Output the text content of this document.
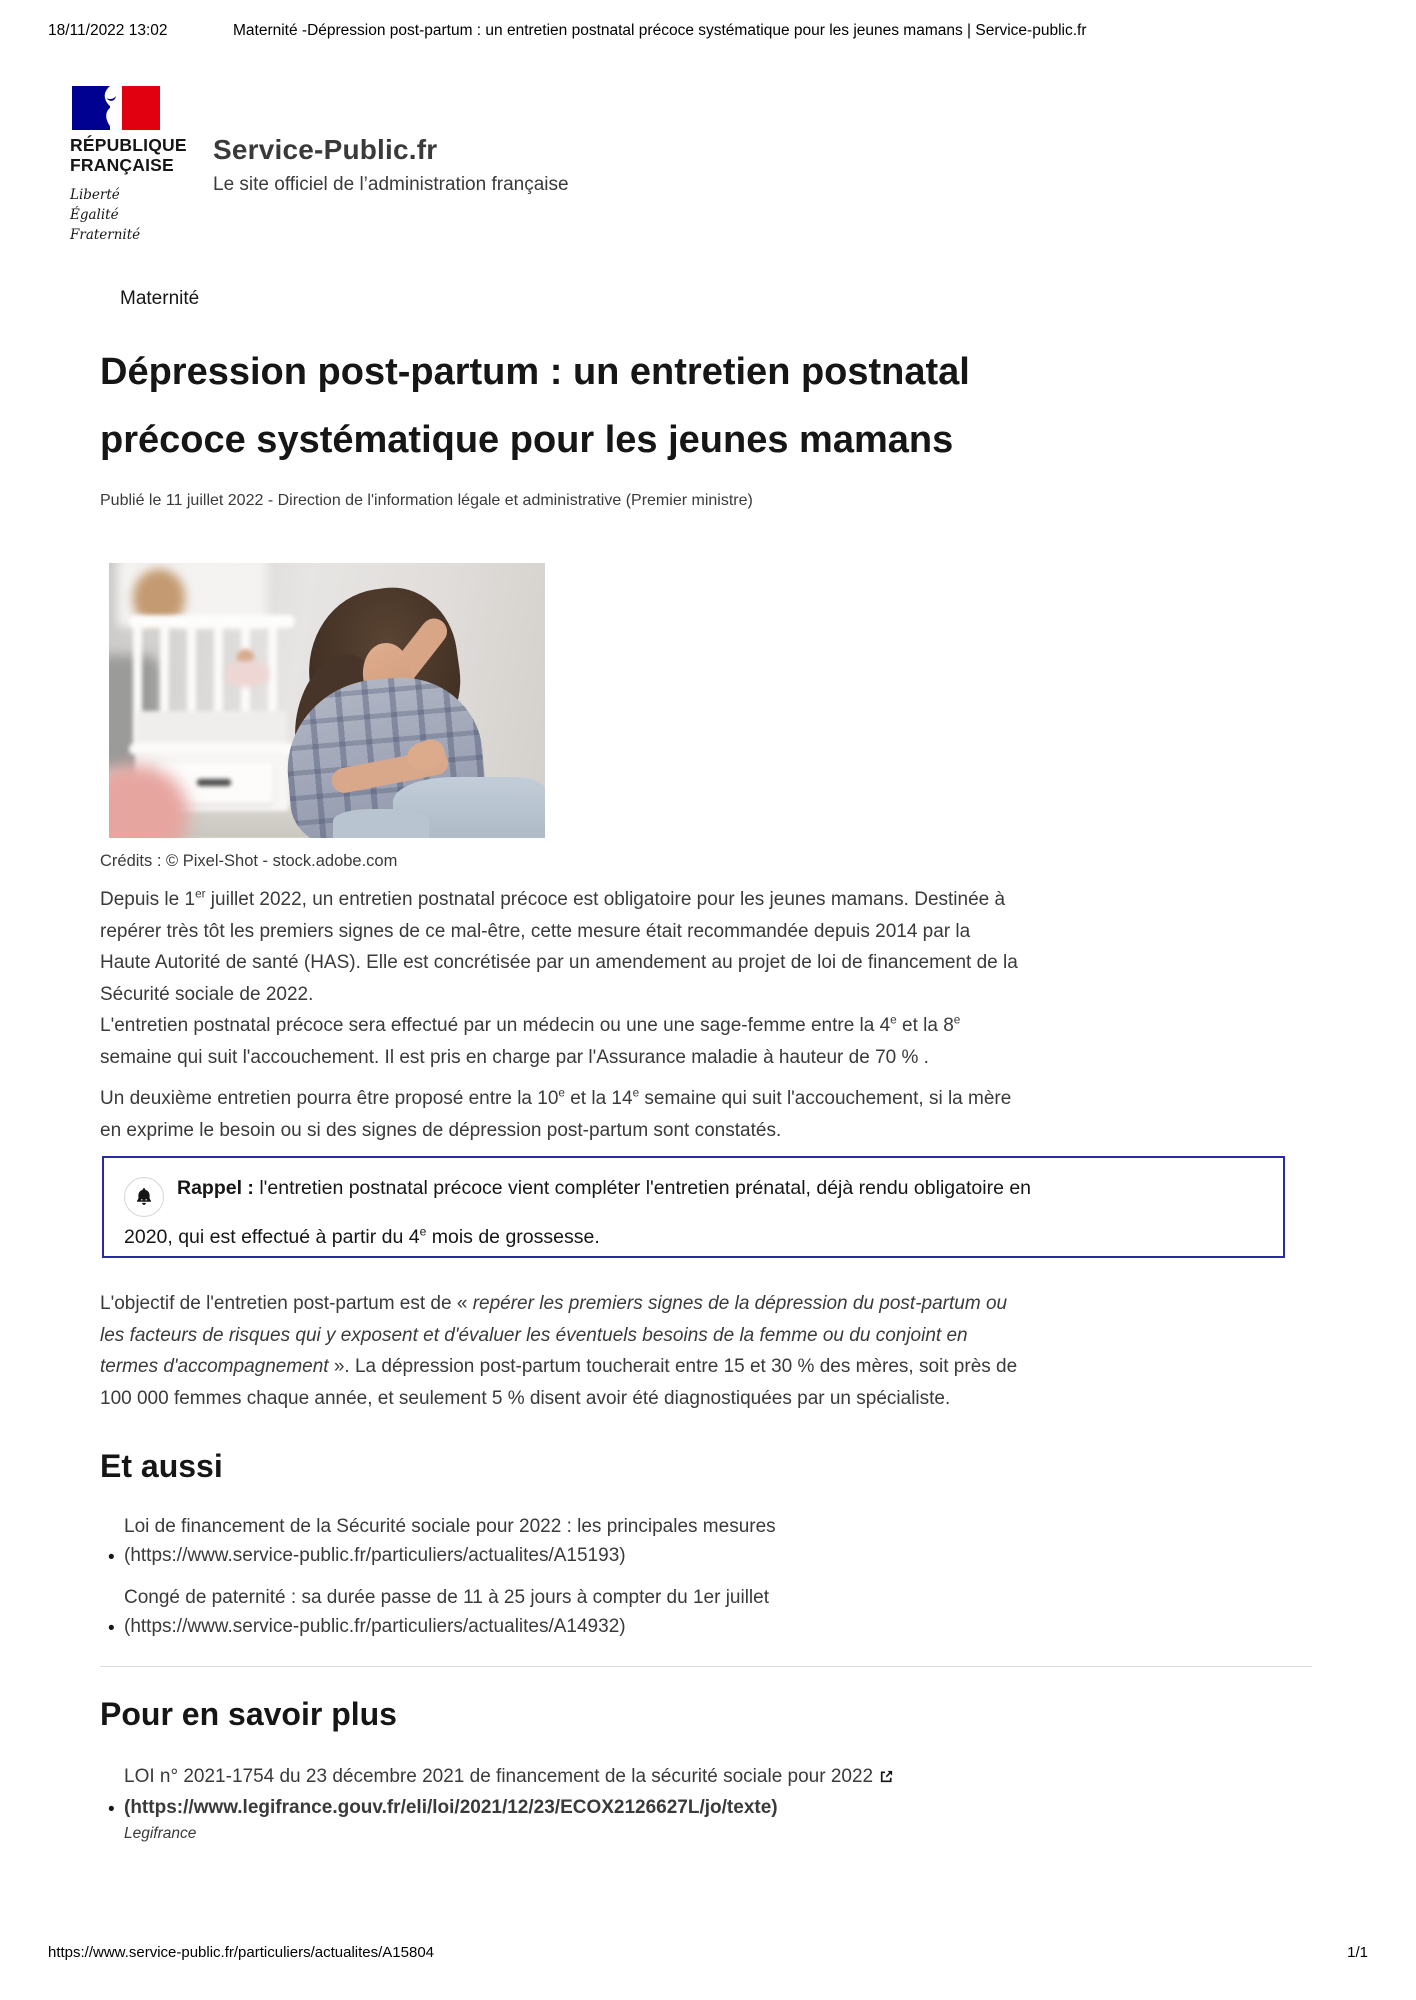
18/11/2022 13:02	Maternité -Dépression post-partum : un entretien postnatal précoce systématique pour les jeunes mamans | Service-public.fr
RÉPUBLIQUE
FRANÇAISE
Liberté
Égalité
Fraternité
Service-Public.fr
Le site officiel de l’administration française
Maternité
Dépression post-partum : un entretien postnatal précoce systématique pour les jeunes mamans
Publié le 11 juillet 2022 - Direction de l'information légale et administrative (Premier ministre)
Crédits : © Pixel-Shot - stock.adobe.com

Depuis le 1er juillet 2022, un entretien postnatal précoce est obligatoire pour les jeunes mamans. Destinée à repérer très tôt les premiers signes de ce mal-être, cette mesure était recommandée depuis 2014 par la Haute Autorité de santé (HAS). Elle est concrétisée par un amendement au projet de loi de financement de la Sécurité sociale de 2022.

L'entretien postnatal précoce sera effectué par un médecin ou une une sage-femme entre la 4e et la 8e semaine qui suit l'accouchement. Il est pris en charge par l'Assurance maladie à hauteur de 70 % .

Un deuxième entretien pourra être proposé entre la 10e et la 14e semaine qui suit l'accouchement, si la mère en exprime le besoin ou si des signes de dépression post-partum sont constatés.

Rappel : l'entretien postnatal précoce vient compléter l'entretien prénatal, déjà rendu obligatoire en 2020, qui est effectué à partir du 4e mois de grossesse.

L'objectif de l'entretien post-partum est de « repérer les premiers signes de la dépression du post-partum ou les facteurs de risques qui y exposent et d'évaluer les éventuels besoins de la femme ou du conjoint en termes d'accompagnement ». La dépression post-partum toucherait entre 15 et 30 % des mères, soit près de 100 000 femmes chaque année, et seulement 5 % disent avoir été diagnostiquées par un spécialiste.

Et aussi
•
Loi de financement de la Sécurité sociale pour 2022 : les principales mesures
(https://www.service-public.fr/particuliers/actualites/A15193)
•
Congé de paternité : sa durée passe de 11 à 25 jours à compter du 1er juillet
(https://www.service-public.fr/particuliers/actualites/A14932)
Pour en savoir plus
•
LOI n° 2021-1754 du 23 décembre 2021 de financement de la sécurité sociale pour 2022
(https://www.legifrance.gouv.fr/eli/loi/2021/12/23/ECOX2126627L/jo/texte)
Legifrance
https://www.service-public.fr/particuliers/actualites/A15804	1/1
